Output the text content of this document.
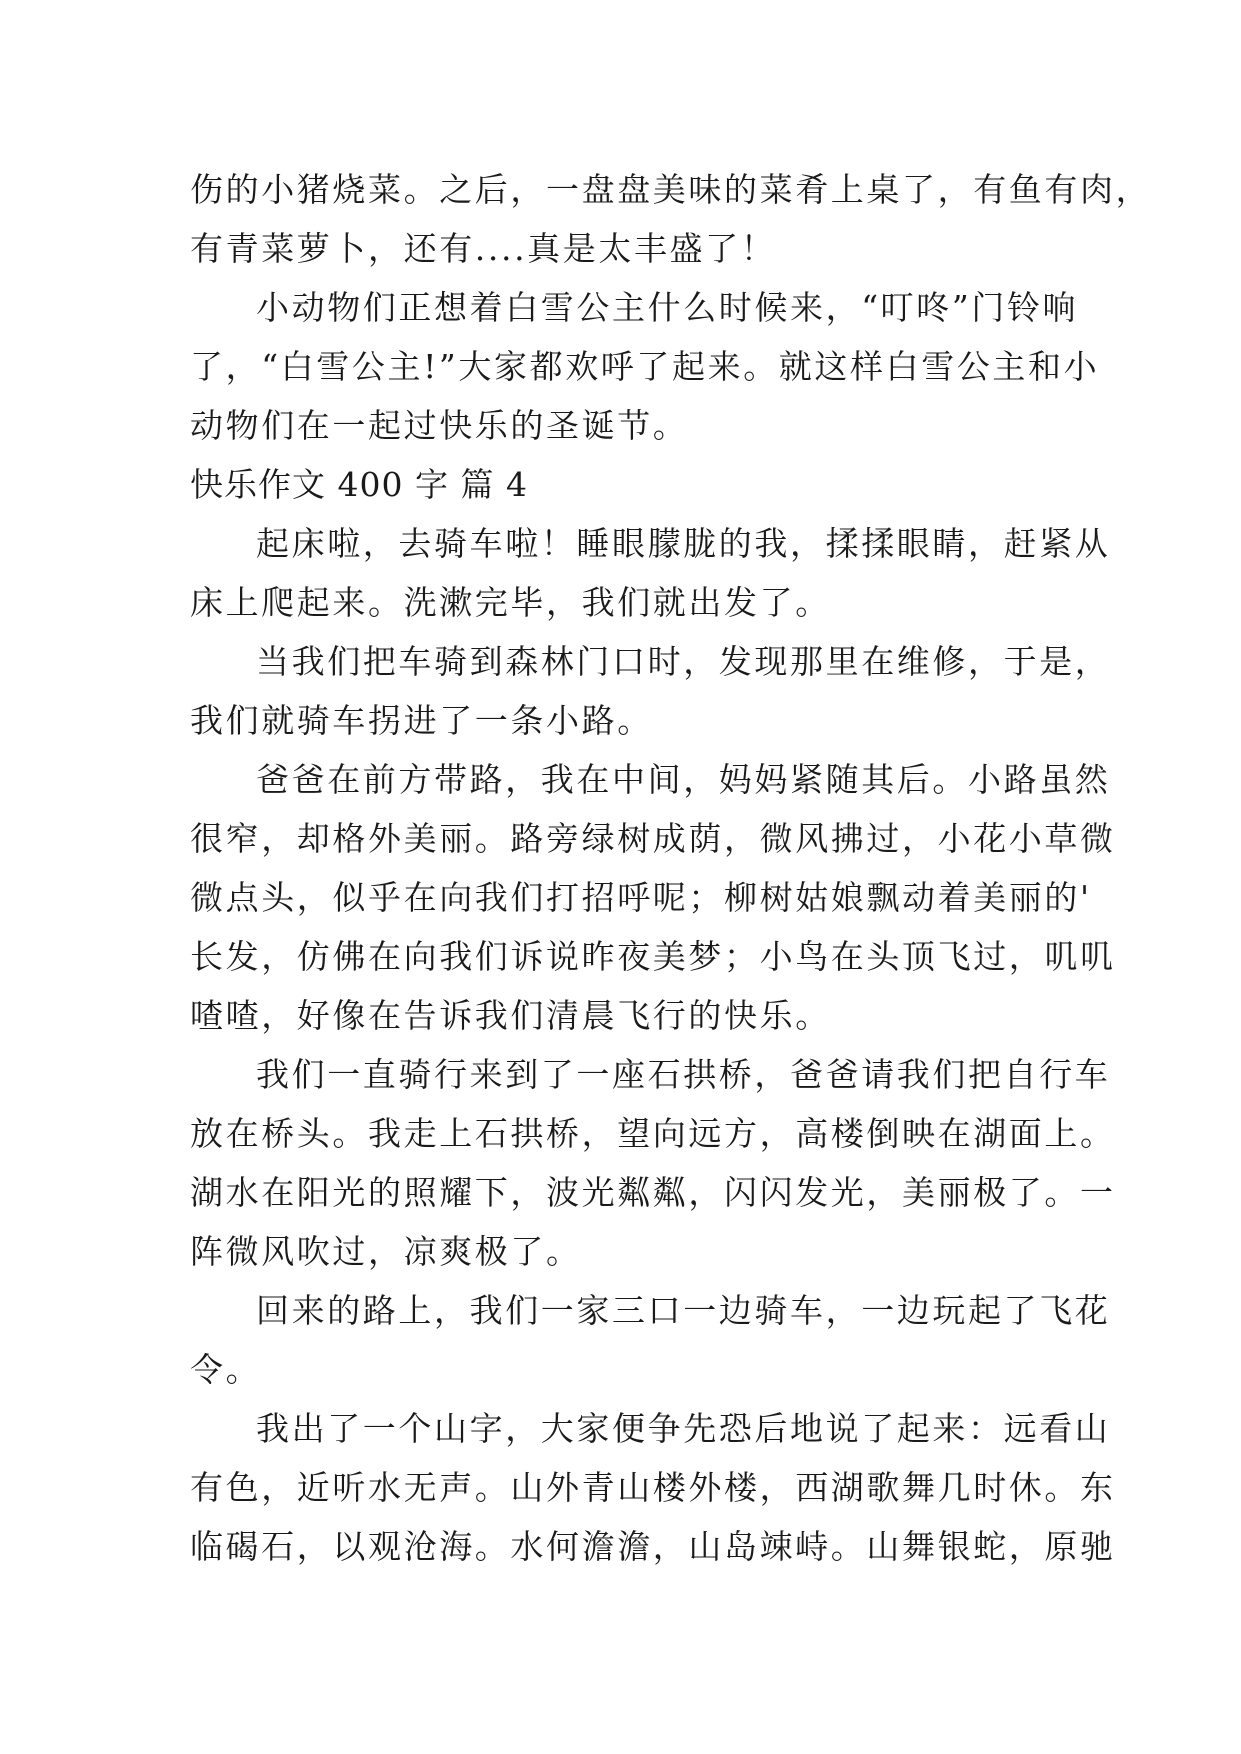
伤的小猪烧菜。之后，一盘盘美味的菜肴上桌了，有鱼有肉，
有青菜萝卜，还有....真是太丰盛了！
小动物们正想着白雪公主什么时候来，“叮咚”门铃响
了，“白雪公主!”大家都欢呼了起来。就这样白雪公主和小
动物们在一起过快乐的圣诞节。
快乐作文 400 字 篇 4
起床啦，去骑车啦！睡眼朦胧的我，揉揉眼睛，赶紧从
床上爬起来。洗漱完毕，我们就出发了。
当我们把车骑到森林门口时，发现那里在维修，于是，
我们就骑车拐进了一条小路。
爸爸在前方带路，我在中间，妈妈紧随其后。小路虽然
很窄，却格外美丽。路旁绿树成荫，微风拂过，小花小草微
微点头，似乎在向我们打招呼呢；柳树姑娘飘动着美丽的'
长发，仿佛在向我们诉说昨夜美梦；小鸟在头顶飞过，叽叽
喳喳，好像在告诉我们清晨飞行的快乐。
我们一直骑行来到了一座石拱桥，爸爸请我们把自行车
放在桥头。我走上石拱桥，望向远方，高楼倒映在湖面上。
湖水在阳光的照耀下，波光粼粼，闪闪发光，美丽极了。一
阵微风吹过，凉爽极了。
回来的路上，我们一家三口一边骑车，一边玩起了飞花
令。
我出了一个山字，大家便争先恐后地说了起来：远看山
有色，近听水无声。山外青山楼外楼，西湖歌舞几时休。东
临碣石，以观沧海。水何澹澹，山岛竦峙。山舞银蛇，原驰
